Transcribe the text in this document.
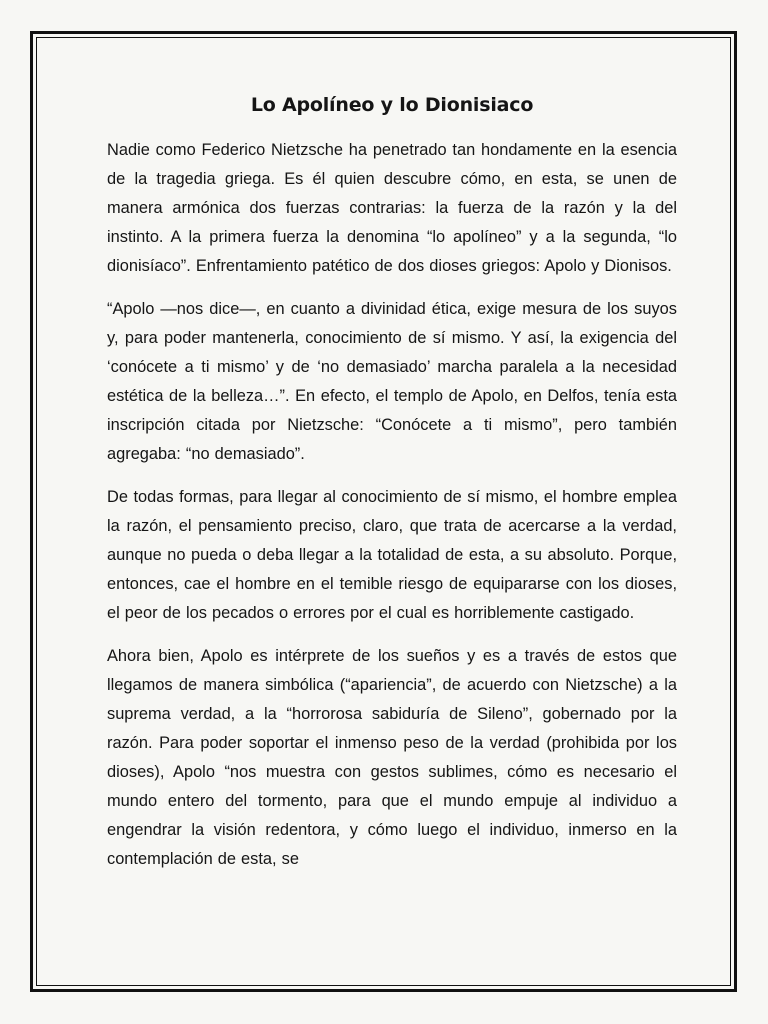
Lo Apolíneo y lo Dionisiaco

Nadie como Federico Nietzsche ha penetrado tan hondamente en la esencia de la tragedia griega. Es él quien descubre cómo, en esta, se unen de manera armónica dos fuerzas contrarias: la fuerza de la razón y la del instinto. A la primera fuerza la denomina “lo apolíneo” y a la segunda, “lo dionisíaco”. Enfrentamiento patético de dos dioses griegos: Apolo y Dionisos.

“Apolo —nos dice—, en cuanto a divinidad ética, exige mesura de los suyos y, para poder mantenerla, conocimiento de sí mismo. Y así, la exigencia del ‘conócete a ti mismo’ y de ‘no demasiado’ marcha paralela a la necesidad estética de la belleza…”. En efecto, el templo de Apolo, en Delfos, tenía esta inscripción citada por Nietzsche: “Conócete a ti mismo”, pero también agregaba: “no demasiado”.

De todas formas, para llegar al conocimiento de sí mismo, el hombre emplea la razón, el pensamiento preciso, claro, que trata de acercarse a la verdad, aunque no pueda o deba llegar a la totalidad de esta, a su absoluto. Porque, entonces, cae el hombre en el temible riesgo de equipararse con los dioses, el peor de los pecados o errores por el cual es horriblemente castigado.

Ahora bien, Apolo es intérprete de los sueños y es a través de estos que llegamos de manera simbólica (“apariencia”, de acuerdo con Nietzsche) a la suprema verdad, a la “horrorosa sabiduría de Sileno”, gobernado por la razón. Para poder soportar el inmenso peso de la verdad (prohibida por los dioses), Apolo “nos muestra con gestos sublimes, cómo es necesario el mundo entero del tormento, para que el mundo empuje al individuo a engendrar la visión redentora, y cómo luego el individuo, inmerso en la contemplación de esta, se
